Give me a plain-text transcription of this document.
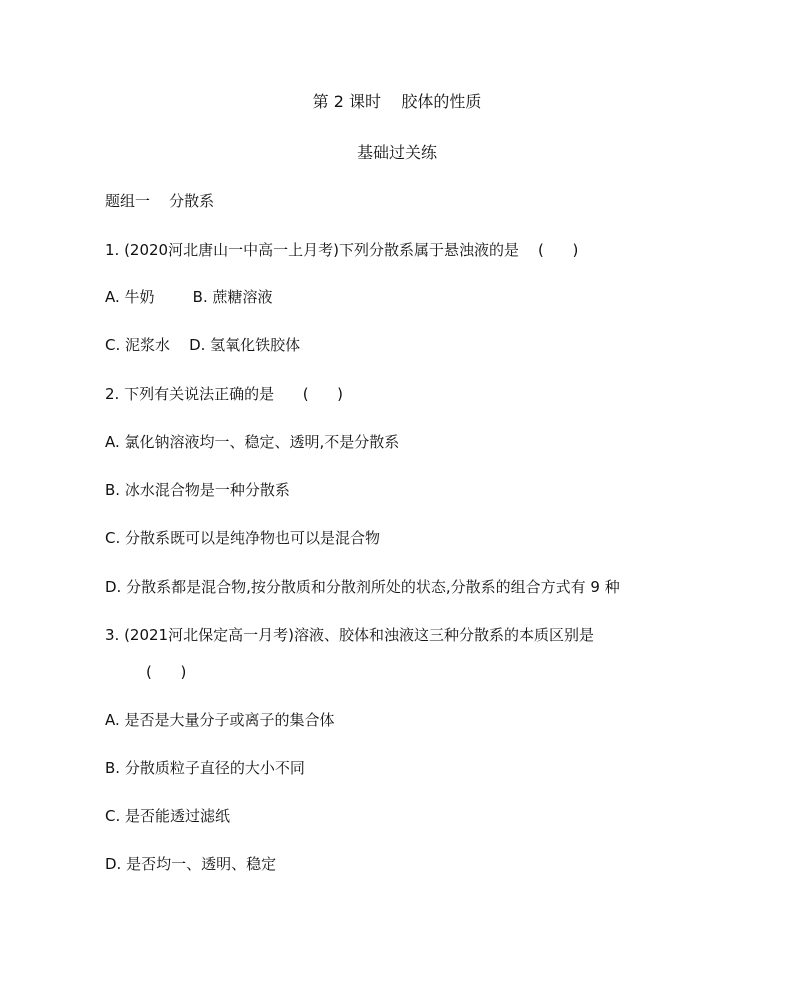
第 2 课时    胶体的性质
基础过关练
题组一    分散系
1. (2020河北唐山一中高一上月考)下列分散系属于悬浊液的是    (      )
A. 牛奶        B. 蔗糖溶液
C. 泥浆水    D. 氢氧化铁胶体
2. 下列有关说法正确的是      (      )
A. 氯化钠溶液均一、稳定、透明,不是分散系
B. 冰水混合物是一种分散系
C. 分散系既可以是纯净物也可以是混合物
D. 分散系都是混合物,按分散质和分散剂所处的状态,分散系的组合方式有 9 种
3. (2021河北保定高一月考)溶液、胶体和浊液这三种分散系的本质区别是
(      )
A. 是否是大量分子或离子的集合体
B. 分散质粒子直径的大小不同
C. 是否能透过滤纸
D. 是否均一、透明、稳定
